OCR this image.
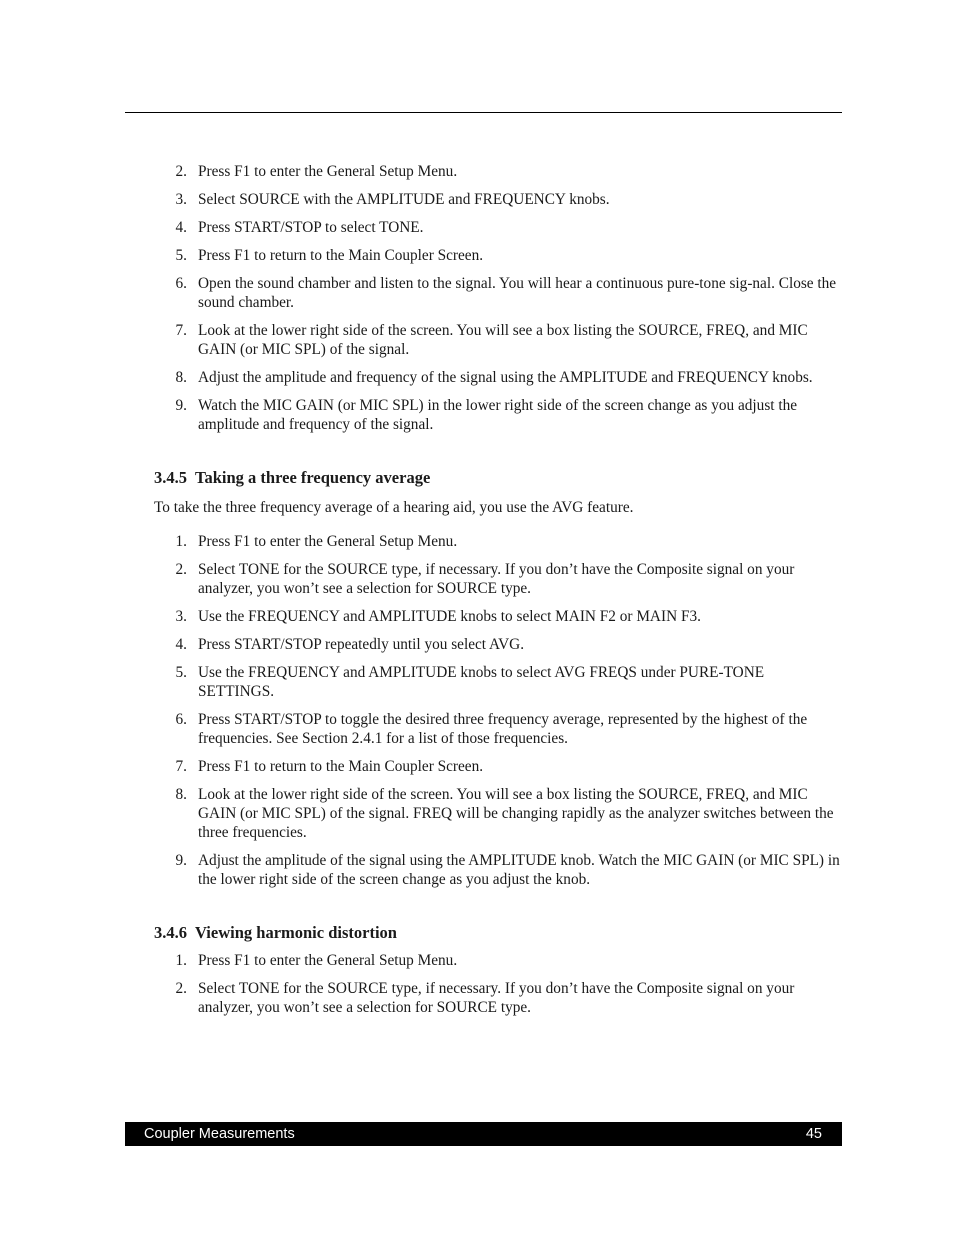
2. Press F1 to enter the General Setup Menu.
3. Select SOURCE with the AMPLITUDE and FREQUENCY knobs.
4. Press START/STOP to select TONE.
5. Press F1 to return to the Main Coupler Screen.
6. Open the sound chamber and listen to the signal. You will hear a continuous pure-tone sig-nal. Close the sound chamber.
7. Look at the lower right side of the screen. You will see a box listing the SOURCE, FREQ, and MIC GAIN (or MIC SPL) of the signal.
8. Adjust the amplitude and frequency of the signal using the AMPLITUDE and FREQUENCY knobs.
9. Watch the MIC GAIN (or MIC SPL) in the lower right side of the screen change as you adjust the amplitude and frequency of the signal.
3.4.5 Taking a three frequency average

To take the three frequency average of a hearing aid, you use the AVG feature.

1. Press F1 to enter the General Setup Menu.
2. Select TONE for the SOURCE type, if necessary. If you don’t have the Composite signal on your analyzer, you won’t see a selection for SOURCE type.
3. Use the FREQUENCY and AMPLITUDE knobs to select MAIN F2 or MAIN F3.
4. Press START/STOP repeatedly until you select AVG.
5. Use the FREQUENCY and AMPLITUDE knobs to select AVG FREQS under PURE-TONE SETTINGS.
6. Press START/STOP to toggle the desired three frequency average, represented by the highest of the frequencies. See Section 2.4.1 for a list of those frequencies.
7. Press F1 to return to the Main Coupler Screen.
8. Look at the lower right side of the screen. You will see a box listing the SOURCE, FREQ, and MIC GAIN (or MIC SPL) of the signal. FREQ will be changing rapidly as the analyzer switches between the three frequencies.
9. Adjust the amplitude of the signal using the AMPLITUDE knob. Watch the MIC GAIN (or MIC SPL) in the lower right side of the screen change as you adjust the knob.
3.4.6 Viewing harmonic distortion
1. Press F1 to enter the General Setup Menu.
2. Select TONE for the SOURCE type, if necessary. If you don’t have the Composite signal on your analyzer, you won’t see a selection for SOURCE type.
Coupler Measurements	45
